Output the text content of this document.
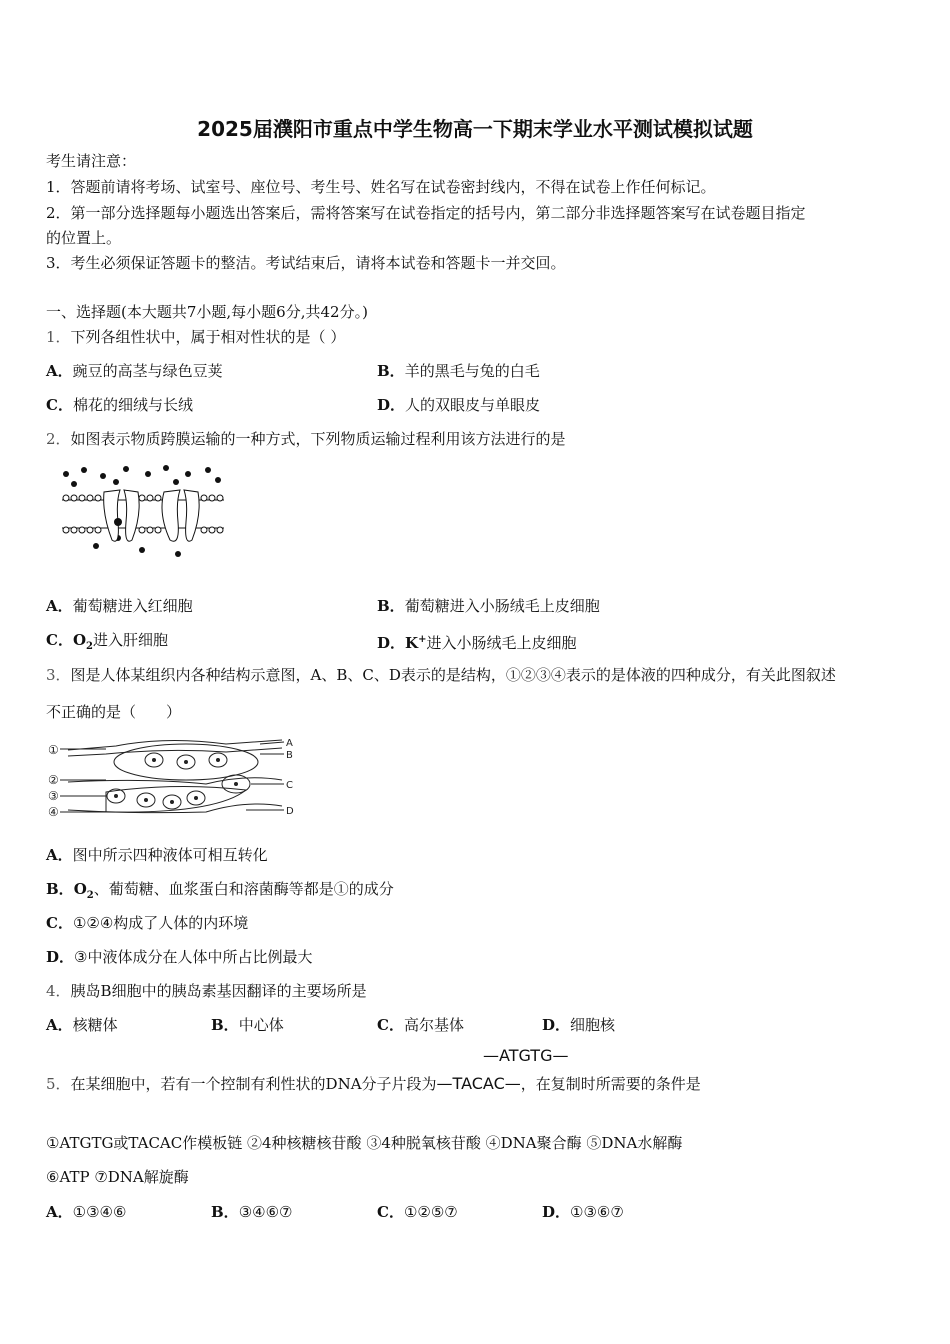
2025届濮阳市重点中学生物高一下期末学业水平测试模拟试题
考生请注意：
1．答题前请将考场、试室号、座位号、考生号、姓名写在试卷密封线内，不得在试卷上作任何标记。
2．第一部分选择题每小题选出答案后，需将答案写在试卷指定的括号内，第二部分非选择题答案写在试卷题目指定
的位置上。
3．考生必须保证答题卡的整洁。考试结束后，请将本试卷和答题卡一并交回。
一、选择题(本大题共7小题,每小题6分,共42分。)
1．下列各组性状中，属于相对性状的是（ ）
A．豌豆的高茎与绿色豆荚	B．羊的黑毛与兔的白毛
C．棉花的细绒与长绒	D．人的双眼皮与单眼皮
2．如图表示物质跨膜运输的一种方式，下列物质运输过程利用该方法进行的是
A．葡萄糖进入红细胞	B．葡萄糖进入小肠绒毛上皮细胞
C．$O_2$进入肝细胞	D．K+进入小肠绒毛上皮细胞
3．图是人体某组织内各种结构示意图，A、B、C、D表示的是结构，①②③④表示的是体液的四种成分，有关此图叙述
不正确的是（　　）
①
②
③
④
A
B
C
D
A．图中所示四种液体可相互转化
B．$O_2$、葡萄糖、血浆蛋白和溶菌酶等都是①的成分
C．①②④构成了人体的内环境
D．③中液体成分在人体中所占比例最大
4．胰岛B细胞中的胰岛素基因翻译的主要场所是
A．核糖体	B．中心体	C．高尔基体	D．细胞核
—ATGTG—
5．在某细胞中，若有一个控制有利性状的DNA分子片段为—TACAC—，在复制时所需要的条件是
①ATGTG或TACAC作模板链 ②4种核糖核苷酸 ③4种脱氧核苷酸 ④DNA聚合酶 ⑤DNA水解酶
⑥ATP ⑦DNA解旋酶
A．①③④⑥	B．③④⑥⑦	C．①②⑤⑦	D．①③⑥⑦
